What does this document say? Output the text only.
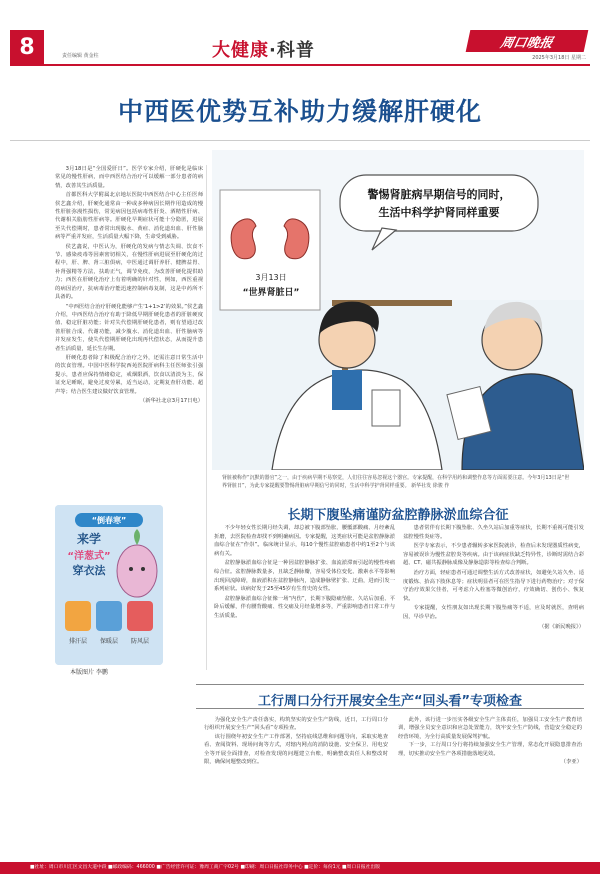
8	责任编辑 黄金柱	大健康·科普	周口晚报
2025年3月18日 星期二
中西医优势互补助力缓解肝硬化

3月18日是“全国爱肝日”。医学专家介绍，肝硬化是临床常见的慢性肝病，而中西医结合治疗可以缓解一部分患者的病情，改善其生活质量。

首都医科大学附属北京地坛医院中西医结合中心主任医师侯艺鑫介绍，肝硬化通常由一种或多种病因长期作用造成的慢性肝脏弥漫性损伤，常见病因包括病毒性肝炎、酒精性肝病、代谢相关脂肪性肝病等。肝硬化早期症状可能十分隐匿，进展至失代偿期时，患者常出现腹水、黄疸、消化道出血、肝性脑病等严重并发症，生活质量大幅下降，生命受到威胁。

侯艺鑫说，中医认为，肝硬化的发病与情志失调、饮食不节、感染疫毒等因素密切相关，在慢性肝病进展至肝硬化的过程中，肝、脾、肾三脏俱病，中医通过调肝养肝、健脾益胃、补肾强精等方法，扶助正气，调节免疫，为改善肝硬化提供助力；西医在肝硬化治疗上有着明确的针对性，例如，西医重视的病因治疗，抗病毒治疗能迅速控制病毒复制，这是中药所不具备的。

“中西医结合治疗肝硬化能够产生‘1+1>2’的效果。”侯艺鑫介绍，中西医结合治疗有助于降低早期肝硬化患者的肝脏硬度值、稳定肝脏功能；针对失代偿期肝硬化患者，则有望通过改善肝脏合成、代谢功能，减少腹水、消化道出血、肝性脑病等并发症发生，使失代偿期肝硬化出现再代偿状态，从而提升患者生活质量，延长生存期。

肝硬化患者除了积极配合治疗之外，还需注意日常生活中的饮食管理。中国中医科学院西苑医院肝病科主任医师张引强提示，患者应保持情绪稳定，戒烟限酒，饮食以清淡为主，保证充足睡眠，避免过度劳累，适当运动，定期复查肝功能、超声等；结合医生建议做好饮食管理。

（新华社北京3月17日电）

3月13日
“世界肾脏日”
警惕肾脏病早期信号的同时，
生活中科学护肾同样重要
肾脏被称作“沉默的器官”之一，由于疾病早期不易察觉，人们往往容易忽视这个器官。专家提醒，在科学用药和调整作息等方面需要注意。今年3月13日是“世界肾脏日”，为此专家提醒要警惕肾脏病早期信号的同时，生活中科学护肾同样重要。 新华社发 徐骏 作
“倒春寒”
来学
“洋葱式”
穿衣法
排汗层 保暖层 防风层
本版图片 李鹏
长期下腹坠痛谨防盆腔静脉淤血综合征

不少年轻女性长期月经失调，却总被下腹部坠胀、腰骶部酸痛、月经紊乱折磨，去医院检查却找不到明确病因。专家提醒，这类症状可能是盆腔静脉淤血综合征在“作祟”。临床统计显示，每10个慢性盆腔痛患者中约1至2个与该病有关。

盆腔静脉淤血综合征是一种因盆腔静脉扩张、血流淤滞而引起的慢性疼痛综合征。盆腔静脉数量多，且缺乏静脉瓣，容易受体位变化、激素水平等影响出现回流障碍，血液淤积在盆腔静脉内，造成静脉壁扩张、迂曲，进而引发一系列症状。该病好发于25至45岁有生育史的女性。

盆腔静脉淤血综合征像一场“内伤”，长期下腹隐痛坠胀、久站后加重、平卧后缓解，伴有腰背酸痛、性交痛及月经量增多等，严重影响患者日常工作与生活质量。

患者常伴有长期下腹坠胀、久坐久站后加重等症状，长期不重视可能引发盆腔慢性炎症等。

医学专家表示，不少患者辗转多家医院就诊，检查后未发现器质性病变，容易被误诊为慢性盆腔炎等疾病。由于该病症状缺乏特异性，诊断时需结合彩超、CT、磁共振静脉成像及静脉造影等检查综合判断。

治疗方面，轻症患者可通过调整生活方式改善症状，如避免久站久坐、适度锻炼、抬高下肢休息等；症状明显者可在医生指导下进行药物治疗；对于保守治疗效果欠佳者，可考虑介入栓塞等微创治疗，疗效确切、创伤小、恢复快。

专家提醒，女性朋友如出现长期下腹坠痛等不适，应及时就医，查明病因，早诊早治。

（据《新民晚报》）

工行周口分行开展安全生产“回头看”专项检查

为强化安全生产责任落实，构筑坚实的安全生产防线，近日，工行周口分行组织开展安全生产“回头看”专项检查。

该行围绕年初安全生产工作部署，坚持底线思维和问题导向，采取实地查看、查阅资料、现场问询等方式，对辖内网点的消防设施、安全保卫、用电安全等开展全面排查，对检查发现的问题建立台账，明确整改责任人和整改时限，确保问题整改到位。

此外，该行进一步压实各级安全生产主体责任，加强员工安全生产教育培训，增强全员安全意识和应急处置能力，筑牢安全生产防线，营造安全稳定的经营环境，为全行高质量发展保驾护航。

下一步，工行周口分行将持续加强安全生产管理，常态化开展隐患排查治理，切实推动安全生产各项措施落地见效。

（李亚）

■社址：周口市川汇区文昌大道中段 ■邮政编码：466000 ■广告经营许可证：豫周工商广字02号 ■印刷：周口日报社印务中心 ■定价：每份1元 ■周口日报社出版
